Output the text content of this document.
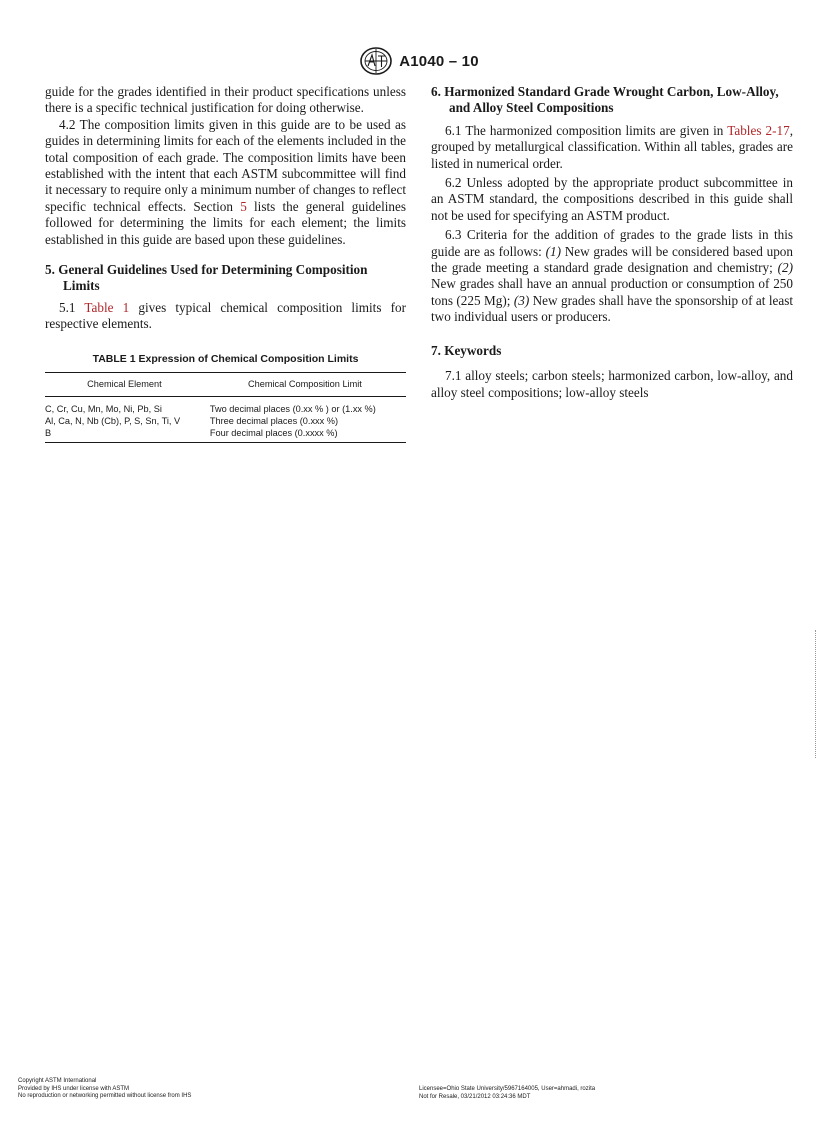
A1040 – 10

guide for the grades identified in their product specifications unless there is a specific technical justification for doing otherwise.

4.2 The composition limits given in this guide are to be used as guides in determining limits for each of the elements included in the total composition of each grade. The composition limits have been established with the intent that each ASTM subcommittee will find it necessary to require only a minimum number of changes to reflect specific technical effects. Section 5 lists the general guidelines followed for determining the limits for each element; the limits established in this guide are based upon these guidelines.

5. General Guidelines Used for Determining Composition Limits

5.1 Table 1 gives typical chemical composition limits for respective elements.

TABLE 1 Expression of Chemical Composition Limits
Chemical Element	Chemical Composition Limit
C, Cr, Cu, Mn, Mo, Ni, Pb, Si	Two decimal places (0.xx % ) or (1.xx %)
Al, Ca, N, Nb (Cb), P, S, Sn, Ti, V	Three decimal places (0.xxx %)
B	Four decimal places (0.xxxx %)
6. Harmonized Standard Grade Wrought Carbon, Low-Alloy, and Alloy Steel Compositions

6.1 The harmonized composition limits are given in Tables 2-17, grouped by metallurgical classification. Within all tables, grades are listed in numerical order.

6.2 Unless adopted by the appropriate product subcommittee in an ASTM standard, the compositions described in this guide shall not be used for specifying an ASTM product.

6.3 Criteria for the addition of grades to the grade lists in this guide are as follows: (1) New grades will be considered based upon the grade meeting a standard grade designation and chemistry; (2) New grades shall have an annual production or consumption of 250 tons (225 Mg); (3) New grades shall have the sponsorship of at least two individual users or producers.

7. Keywords

7.1 alloy steels; carbon steels; harmonized carbon, low-alloy, and alloy steel compositions; low-alloy steels

Copyright ASTM International
Provided by IHS under license with ASTM
No reproduction or networking permitted without license from IHS
Licensee=Ohio State University/5967164005, User=ahmadi, rozita
Not for Resale, 03/21/2012 03:24:36 MDT
